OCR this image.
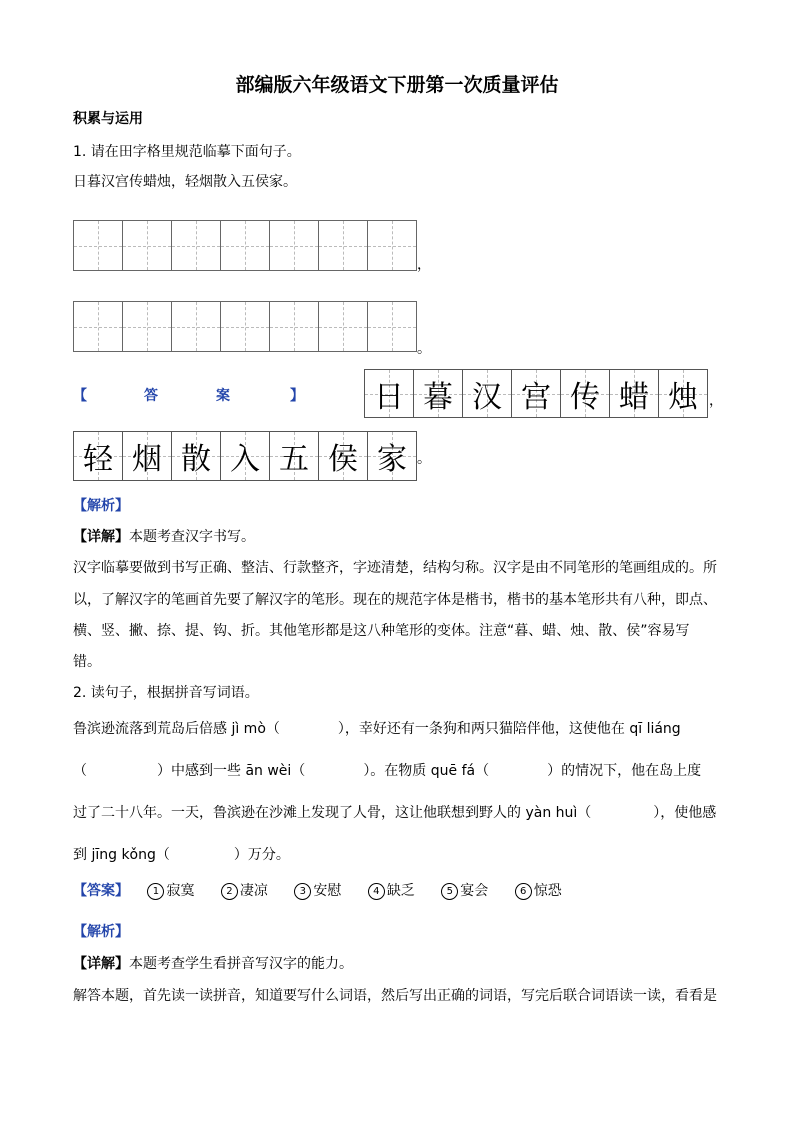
部编版六年级语文下册第一次质量评估
积累与运用
1. 请在田字格里规范临摹下面句子。
日暮汉宫传蜡烛，轻烟散入五侯家。
，
。
【	答	案	】	日 暮 汉 宫 传 蜡 烛 ，
轻 烟 散 入 五 侯 家 。
【解析】
【详解】本题考查汉字书写。
汉字临摹要做到书写正确、整洁、行款整齐，字迹清楚，结构匀称。汉字是由不同笔形的笔画组成的。所
以，了解汉字的笔画首先要了解汉字的笔形。现在的规范字体是楷书，楷书的基本笔形共有八种，即点、
横、竖、撇、捺、提、钩、折。其他笔形都是这八种笔形的变体。注意“暮、蜡、烛、散、侯”容易写
错。
2. 读句子，根据拼音写词语。
鲁滨逊流落到荒岛后倍感 jì mò（	），幸好还有一条狗和两只猫陪伴他，这使他在 qī liáng
（	）中感到一些 ān wèi（	）。在物质 quē fá（	）的情况下，他在岛上度
过了二十八年。一天，鲁滨逊在沙滩上发现了人骨，这让他联想到野人的 yàn huì（	），使他感
到 jīng kǒng（	）万分。
【答案】 1 寂寞	2 凄凉	3 安慰	4 缺乏	5 宴会	6 惊恐
【解析】
【详解】本题考查学生看拼音写汉字的能力。
解答本题，首先读一读拼音，知道要写什么词语，然后写出正确的词语，写完后联合词语读一读，看看是
